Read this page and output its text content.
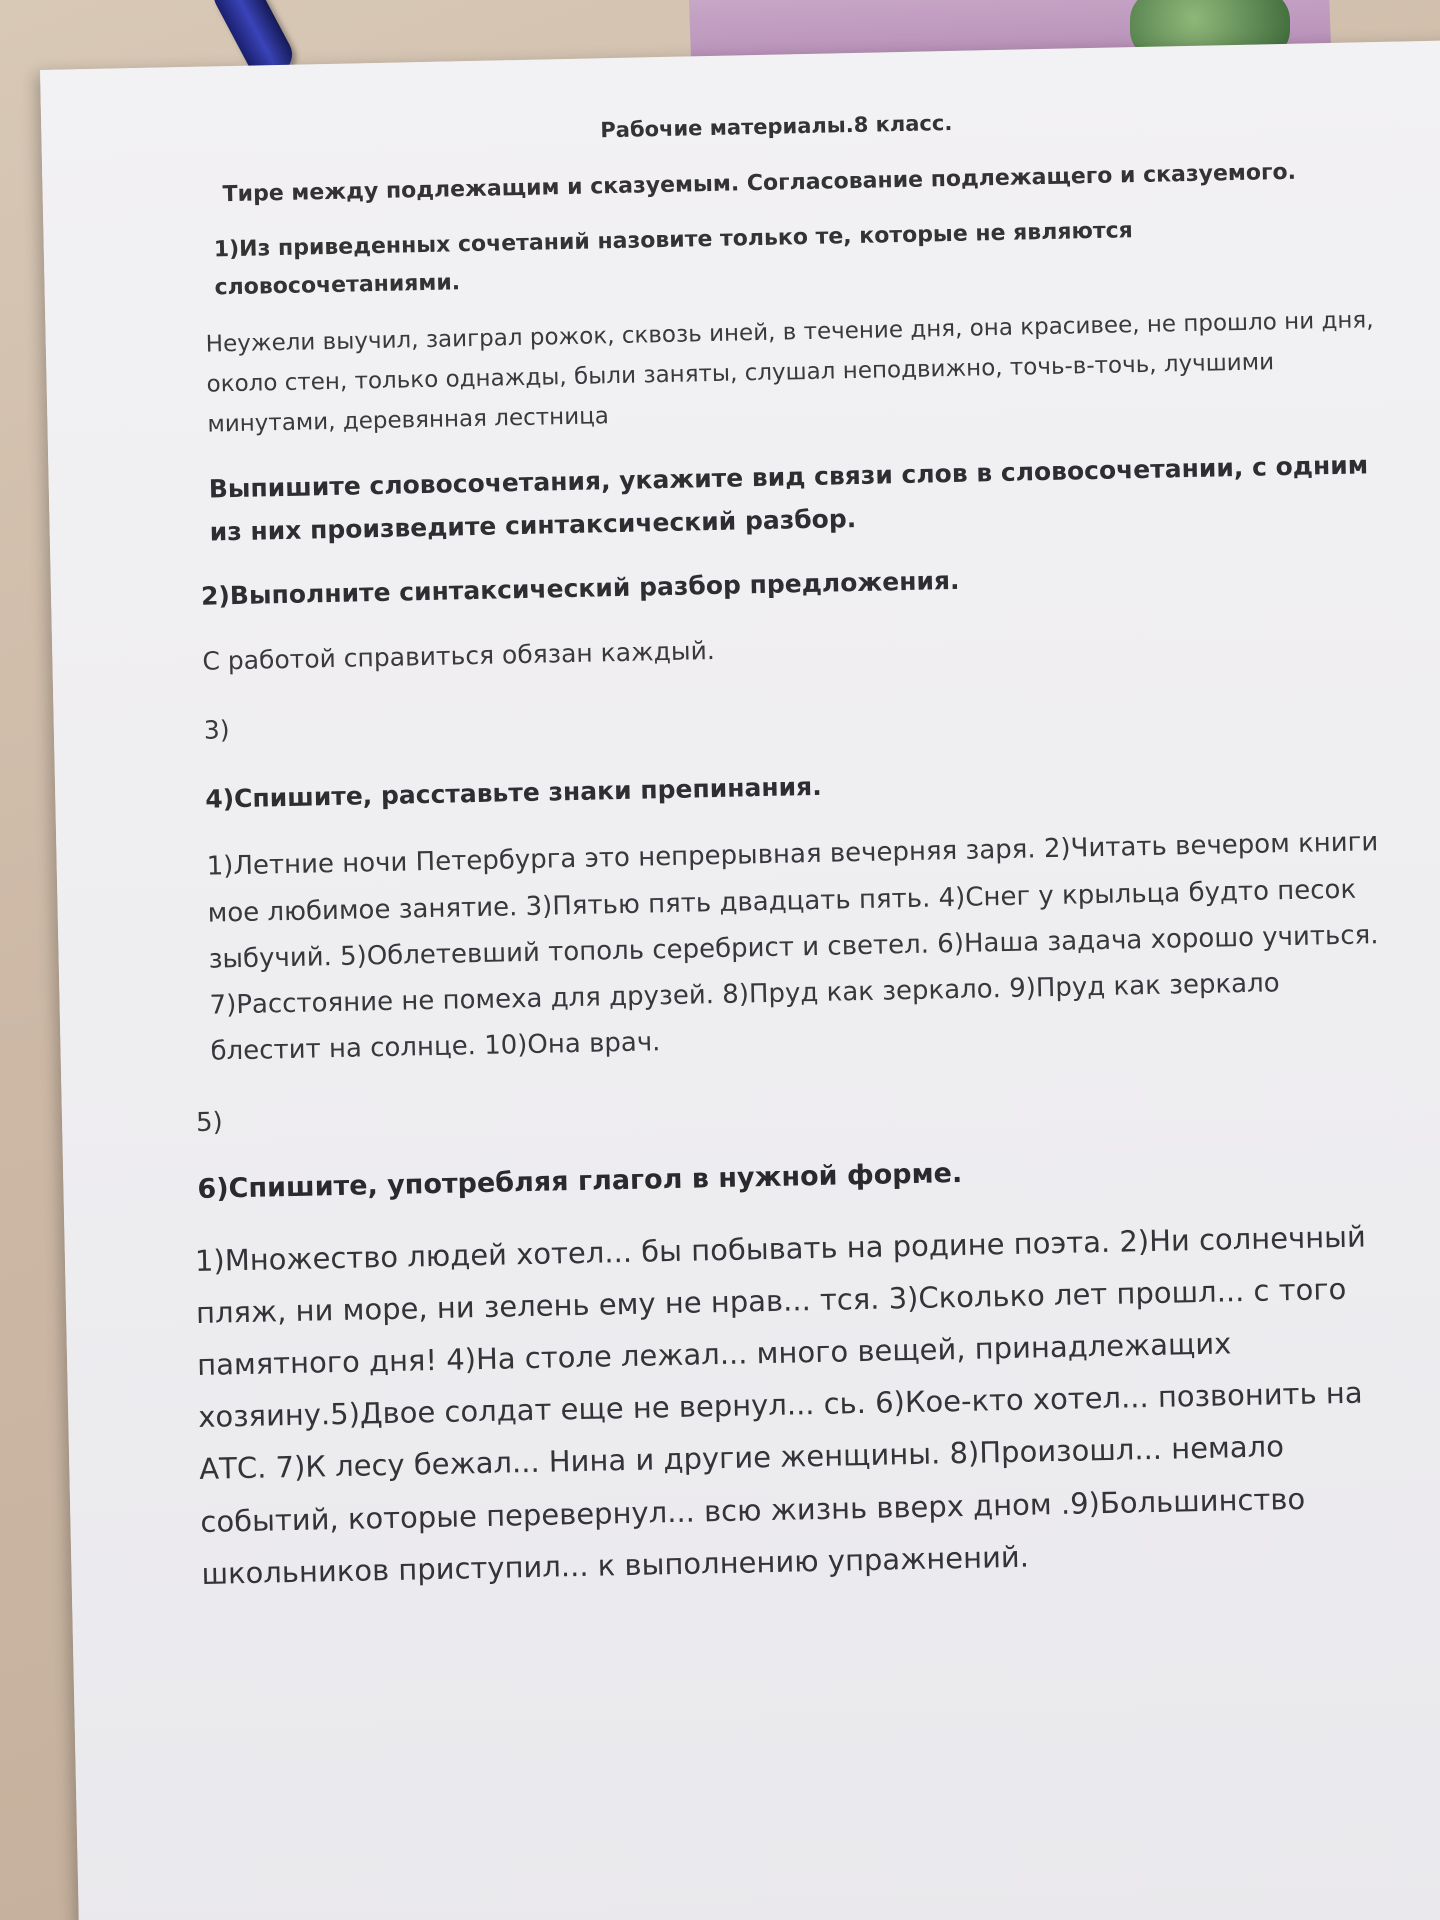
Рабочие материалы.8 класс.
Тире между подлежащим и сказуемым. Согласование подлежащего и сказуемого.
1)Из приведенных сочетаний назовите только те, которые не являются словосочетаниями.
Неужели выучил, заиграл рожок, сквозь иней, в течение дня, она красивее, не прошло ни дня, около стен, только однажды, были заняты, слушал неподвижно, точь-в-точь, лучшими минутами, деревянная лестница
Выпишите словосочетания, укажите вид связи слов в словосочетании, с одним из них произведите синтаксический разбор.
2)Выполните синтаксический разбор предложения.
С работой справиться обязан каждый.
3)
4)Спишите, расставьте знаки препинания.
1)Летние ночи Петербурга это непрерывная вечерняя заря. 2)Читать вечером книги мое любимое занятие. 3)Пятью пять двадцать пять. 4)Снег у крыльца будто песок зыбучий. 5)Облетевший тополь серебрист и светел. 6)Наша задача хорошо учиться. 7)Расстояние не помеха для друзей. 8)Пруд как зеркало. 9)Пруд как зеркало блестит на солнце. 10)Она врач.
5)
6)Спишите, употребляя глагол в нужной форме.
1)Множество людей хотел... бы побывать на родине поэта. 2)Ни солнечный пляж, ни море, ни зелень ему не нрав... тся. 3)Сколько лет прошл... с того памятного дня! 4)На столе лежал... много вещей, принадлежащих хозяину.5)Двое солдат еще не вернул... сь. 6)Кое-кто хотел... позвонить на АТС. 7)К лесу бежал... Нина и другие женщины. 8)Произошл... немало событий, которые перевернул... всю жизнь вверх дном .9)Большинство школьников приступил... к выполнению упражнений.
